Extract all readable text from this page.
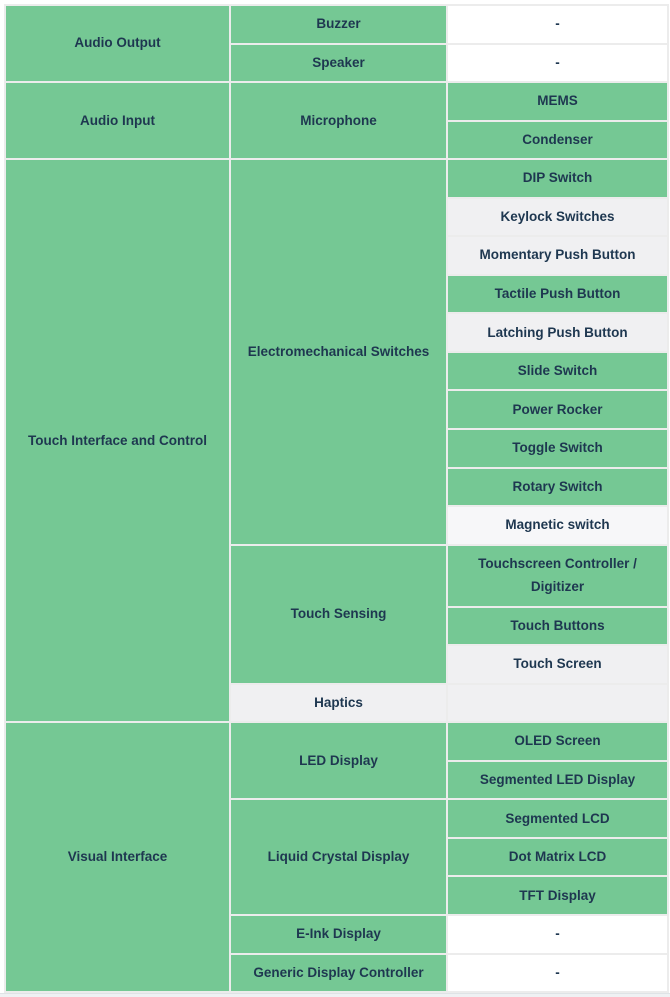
Audio Output	Buzzer	-
	Speaker	-
Audio Input	Microphone	MEMS
		Condenser
Touch Interface and Control	Electromechanical Switches	DIP Switch
		Keylock Switches
		Momentary Push Button
		Tactile Push Button
		Latching Push Button
		Slide Switch
		Power Rocker
		Toggle Switch
		Rotary Switch
		Magnetic switch
	Touch Sensing	Touchscreen Controller / Digitizer
		Touch Buttons
		Touch Screen
	Haptics	
Visual Interface	LED Display	OLED Screen
		Segmented LED Display
	Liquid Crystal Display	Segmented LCD
		Dot Matrix LCD
		TFT Display
	E-Ink Display	-
	Generic Display Controller	-
